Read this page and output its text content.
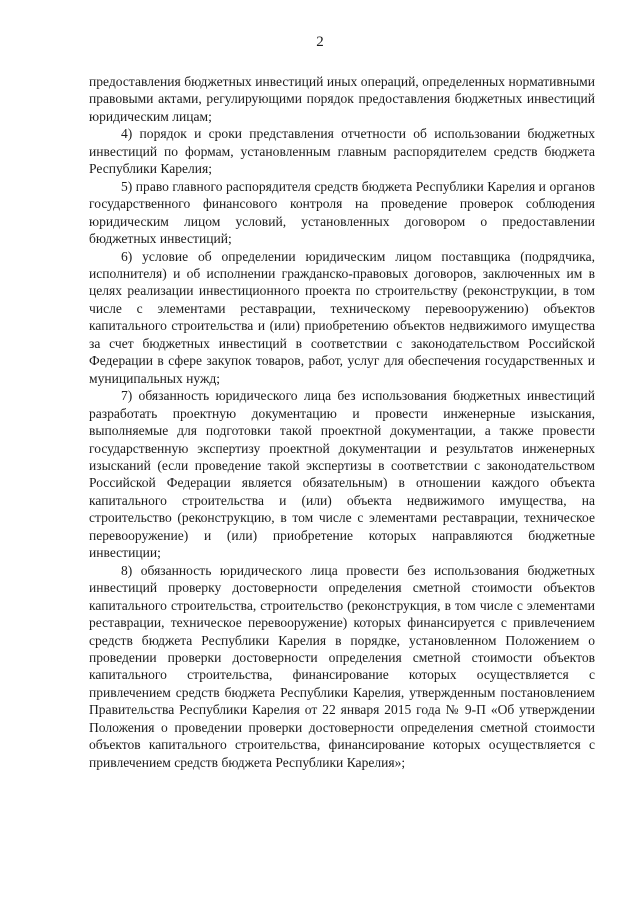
2

предоставления бюджетных инвестиций иных операций, определенных нормативными правовыми актами, регулирующими порядок предоставления бюджетных инвестиций юридическим лицам;

4) порядок и сроки представления отчетности об использовании бюджетных инвестиций по формам, установленным главным распорядителем средств бюджета Республики Карелия;

5) право главного распорядителя средств бюджета Республики Карелия и органов государственного финансового контроля на проведение проверок соблюдения юридическим лицом условий, установленных договором о предоставлении бюджетных инвестиций;

6) условие об определении юридическим лицом поставщика (подрядчика, исполнителя) и об исполнении гражданско-правовых договоров, заключенных им в целях реализации инвестиционного проекта по строительству (реконструкции, в том числе с элементами реставрации, техническому перевооружению) объектов капитального строительства и (или) приобретению объектов недвижимого имущества за счет бюджетных инвестиций в соответствии с законодательством Российской Федерации в сфере закупок товаров, работ, услуг для обеспечения государственных и муниципальных нужд;

7) обязанность юридического лица без использования бюджетных инвестиций разработать проектную документацию и провести инженерные изыскания, выполняемые для подготовки такой проектной документации, а также провести государственную экспертизу проектной документации и результатов инженерных изысканий (если проведение такой экспертизы в соответствии с законодательством Российской Федерации является обязательным) в отношении каждого объекта капитального строительства и (или) объекта недвижимого имущества, на строительство (реконструкцию, в том числе с элементами реставрации, техническое перевооружение) и (или) приобретение которых направляются бюджетные инвестиции;

8) обязанность юридического лица провести без использования бюджетных инвестиций проверку достоверности определения сметной стоимости объектов капитального строительства, строительство (реконструкция, в том числе с элементами реставрации, техническое перевооружение) которых финансируется с привлечением средств бюджета Республики Карелия в порядке, установленном Положением о проведении проверки достоверности определения сметной стоимости объектов капитального строительства, финансирование которых осуществляется с привлечением средств бюджета Республики Карелия, утвержденным постановлением Правительства Республики Карелия от 22 января 2015 года № 9-П «Об утверждении Положения о проведении проверки достоверности определения сметной стоимости объектов капитального строительства, финансирование которых осуществляется с привлечением средств бюджета Республики Карелия»;
